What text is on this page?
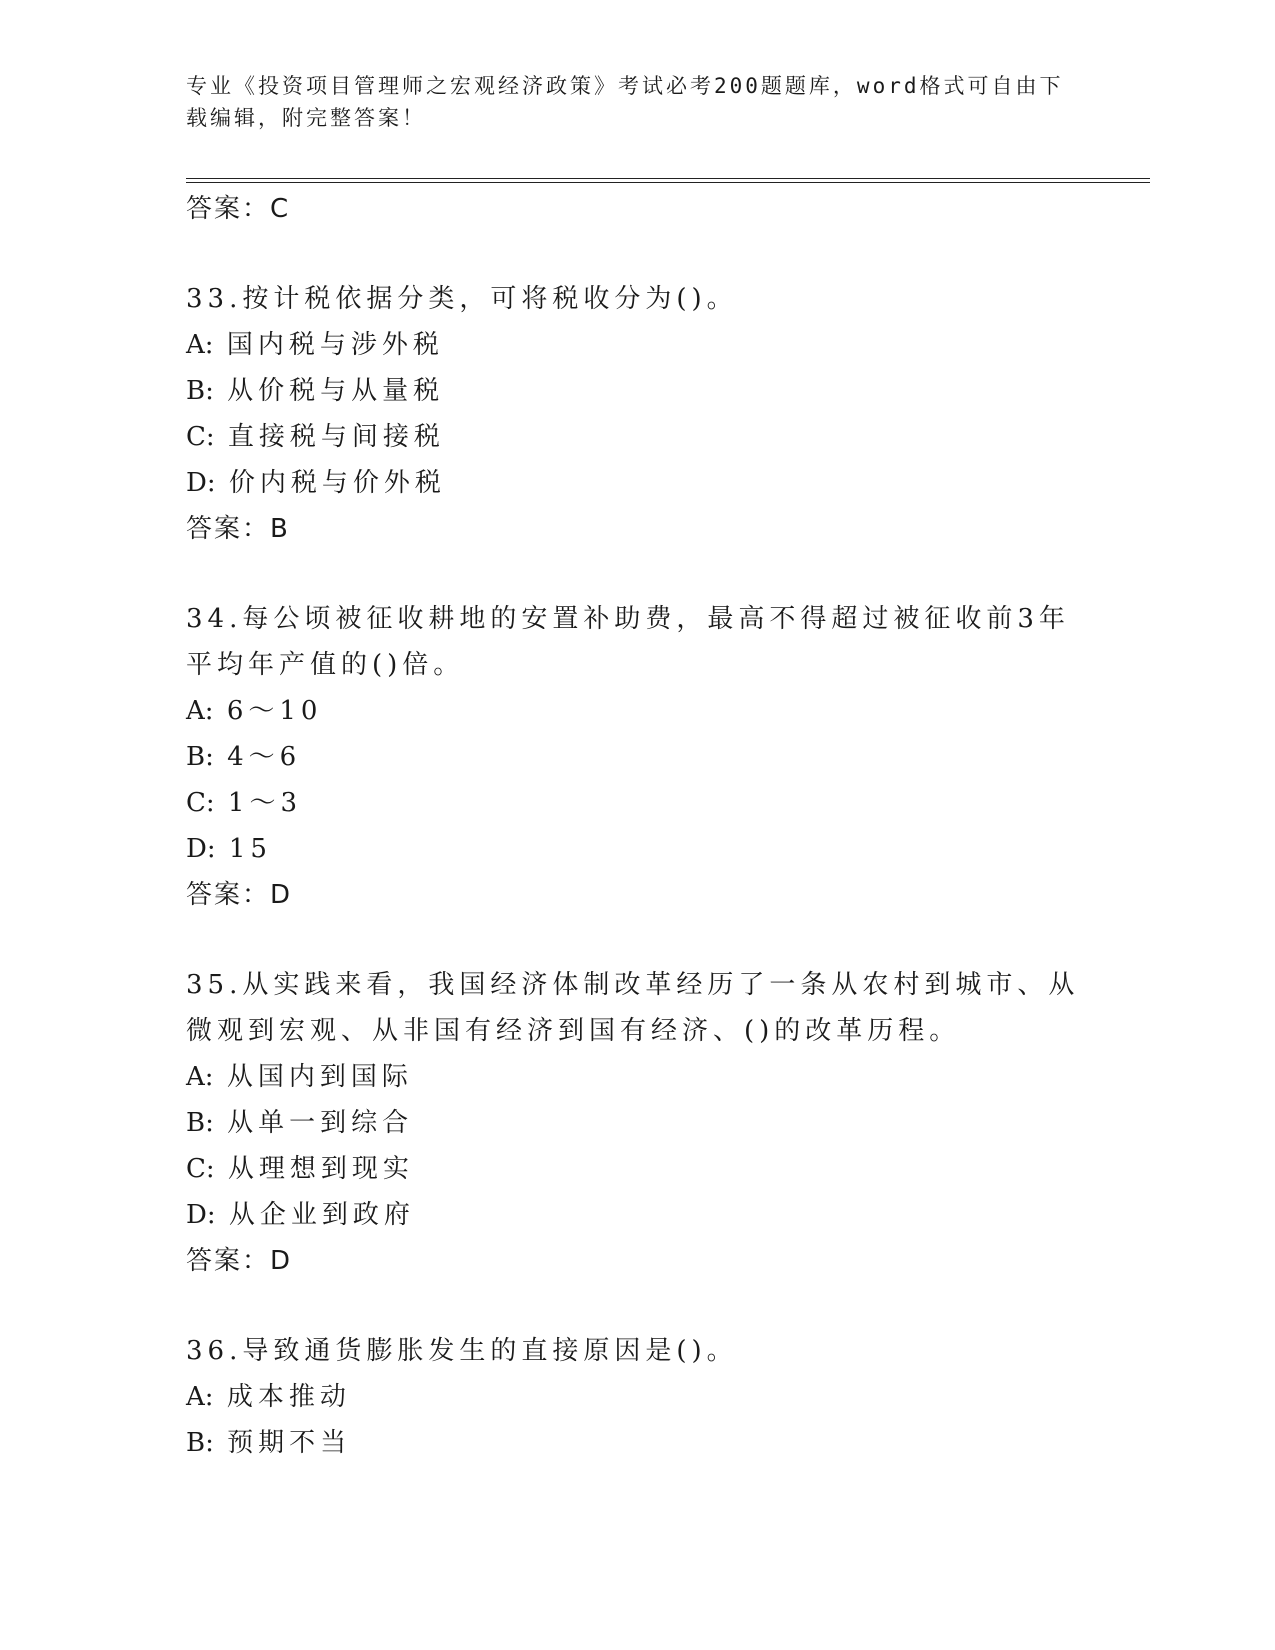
专业《投资项目管理师之宏观经济政策》考试必考200题题库，word格式可自由下载编辑，附完整答案！

答案：C

33.按计税依据分类，可将税收分为()。

A: 国内税与涉外税

B: 从价税与从量税

C: 直接税与间接税

D: 价内税与价外税

答案：B

34.每公顷被征收耕地的安置补助费，最高不得超过被征收前3年平均年产值的()倍。

A: 6～10

B: 4～6

C: 1～3

D: 15

答案：D

35.从实践来看，我国经济体制改革经历了一条从农村到城市、从微观到宏观、从非国有经济到国有经济、()的改革历程。

A: 从国内到国际

B: 从单一到综合

C: 从理想到现实

D: 从企业到政府

答案：D

36.导致通货膨胀发生的直接原因是()。

A: 成本推动

B: 预期不当
